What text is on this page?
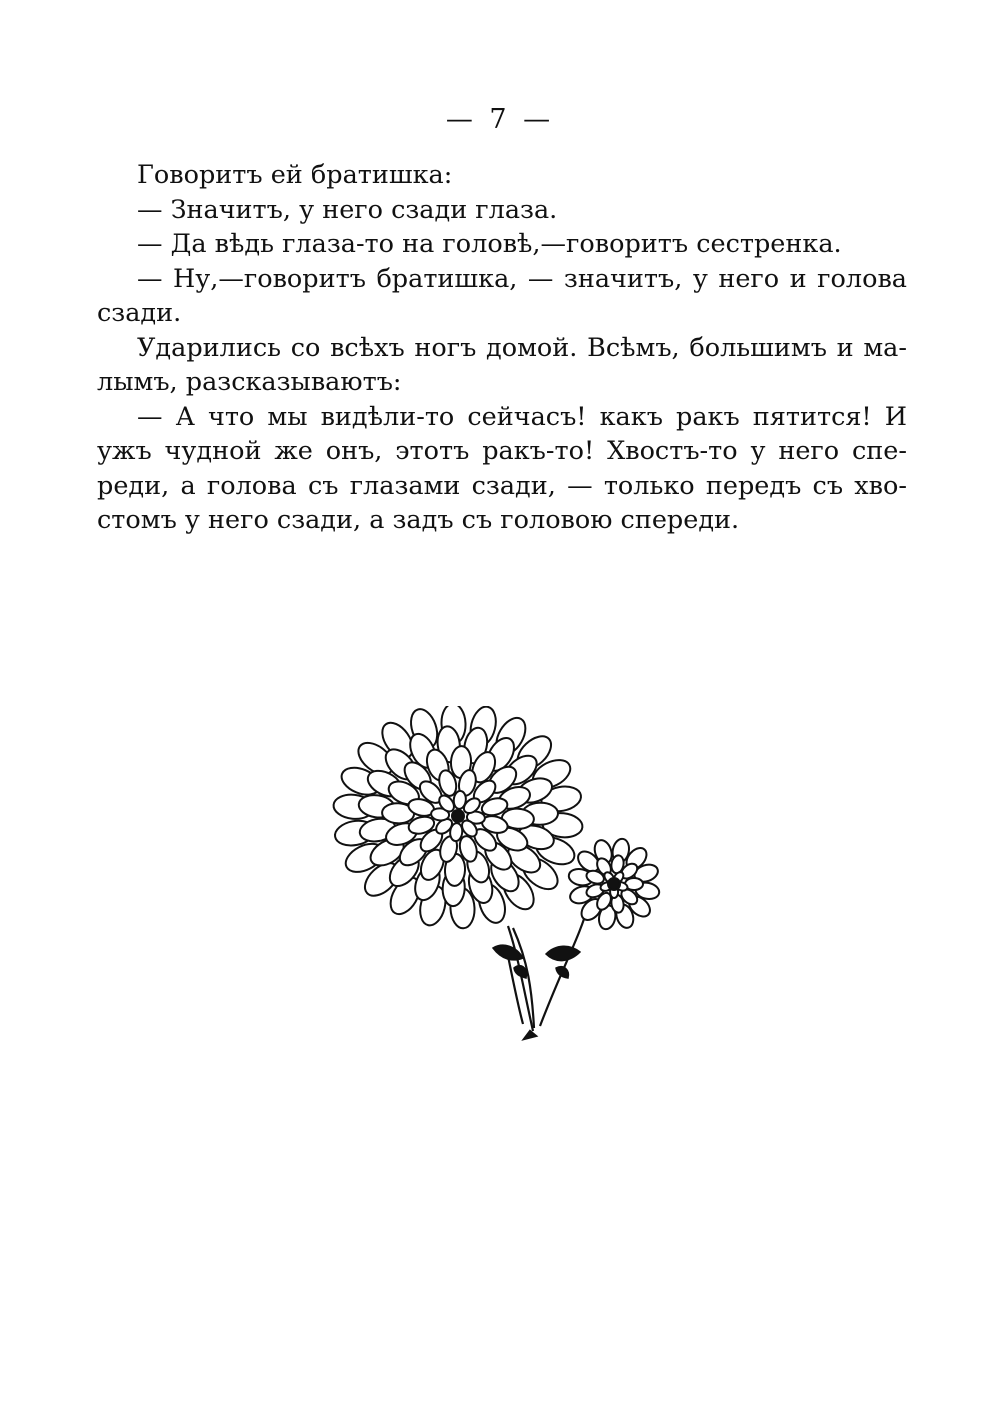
— 7 —
Говоритъ ей братишка:
— Значитъ, у него сзади глаза.
— Да вѣдь глаза-то на головѣ,—говоритъ сестренка.
— Ну,—говоритъ братишка, — значитъ, у него и голова
сзади.
Ударились со всѣхъ ногъ домой. Всѣмъ, большимъ и ма-
лымъ, разсказываютъ:
— А что мы видѣли-то сейчасъ! какъ ракъ пятится! И
ужъ чудной же онъ, этотъ ракъ-то! Хвостъ-то у него спе-
реди, а голова съ глазами сзади, — только передъ съ хво-
стомъ у него сзади, а задъ съ головою спереди.
